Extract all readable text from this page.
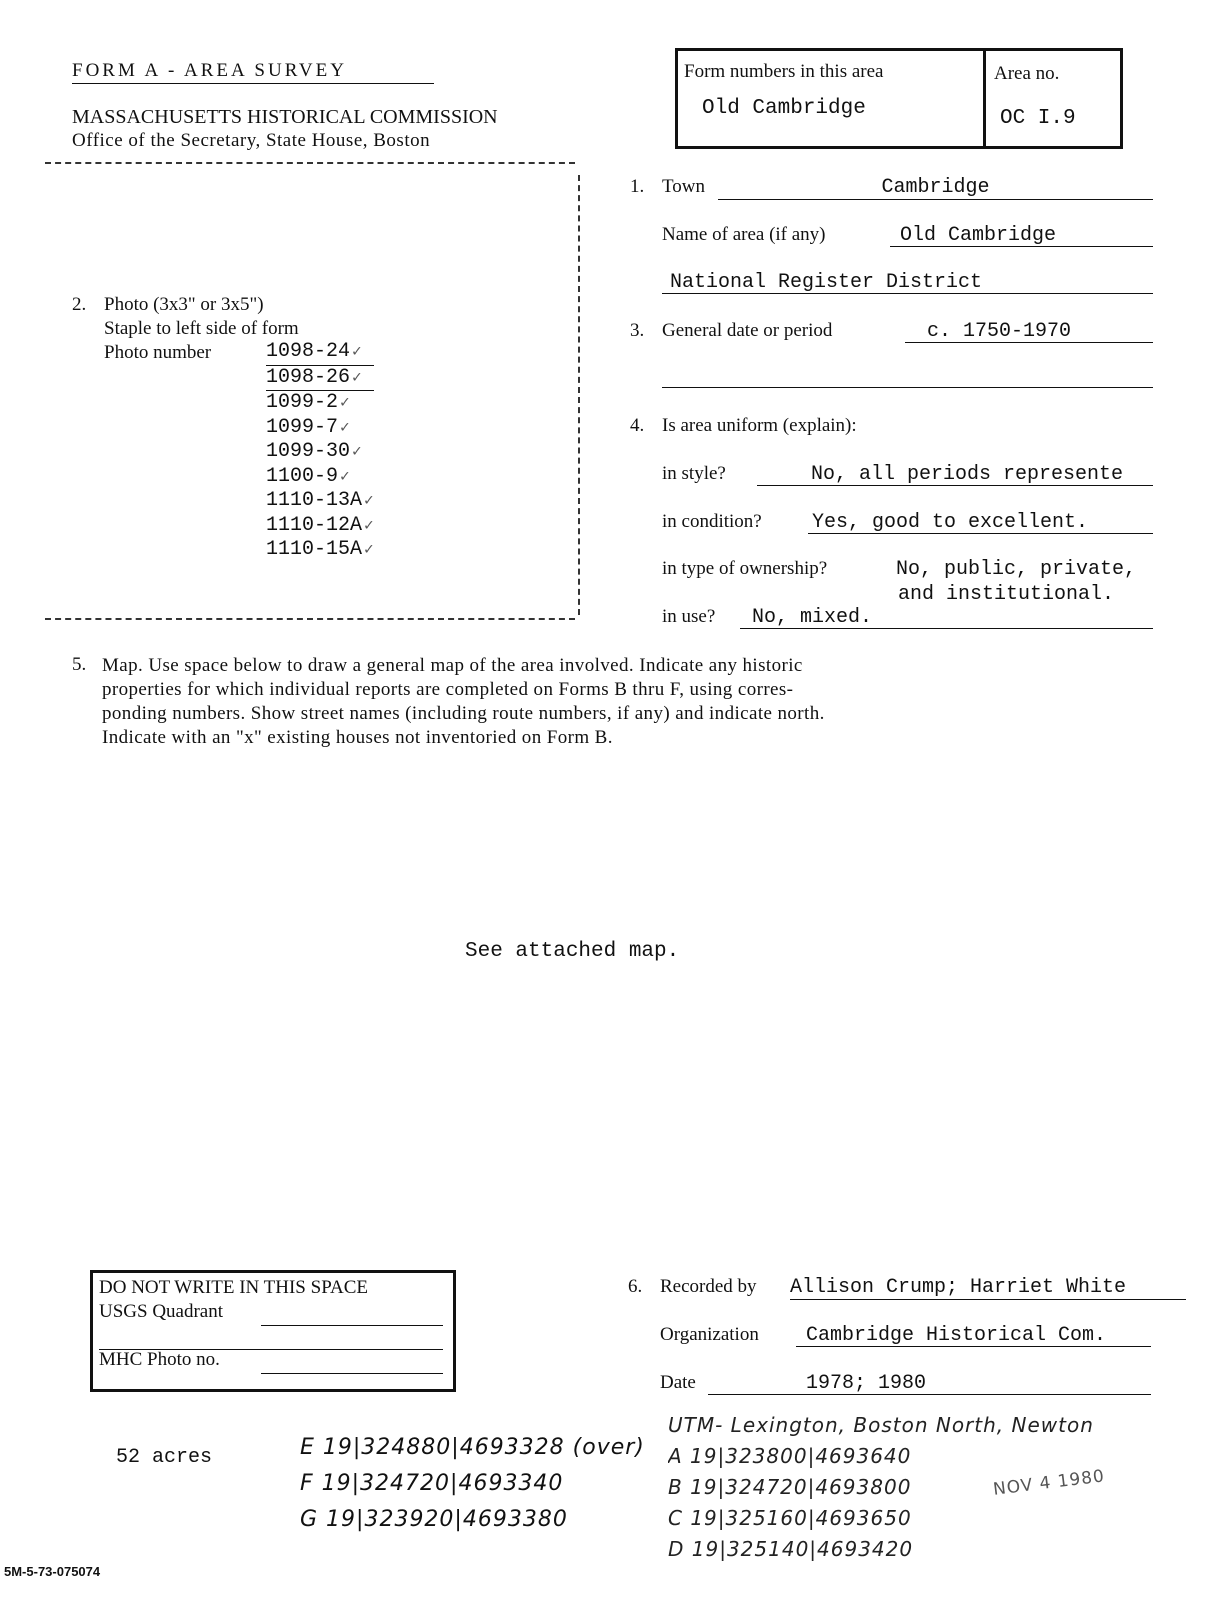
FORM A - AREA SURVEY
MASSACHUSETTS HISTORICAL COMMISSION
Office of the Secretary, State House, Boston
Form numbers in this area
Old Cambridge
Area no.
OC I.9
1. Town	Cambridge
Name of area (if any)	Old Cambridge
National Register District
2. Photo (3x3" or 3x5")
Staple to left side of form
Photo number	1098-24 ✓
1098-26 ✓
1099-2 ✓
1099-7 ✓
1099-30 ✓
1100-9 ✓
1110-13A ✓
1110-12A ✓
1110-15A ✓
3. General date or period	c. 1750-1970
4. Is area uniform (explain):
in style?	No, all periods represente
in condition?	Yes, good to excellent.
in type of ownership?	No, public, private,
and institutional.
in use?	No, mixed.
5. Map. Use space below to draw a general map of the area involved. Indicate any historic
properties for which individual reports are completed on Forms B thru F, using corres-
ponding numbers. Show street names (including route numbers, if any) and indicate north.
Indicate with an "x" existing houses not inventoried on Form B.
See attached map.
DO NOT WRITE IN THIS SPACE
USGS Quadrant
MHC Photo no.
6. Recorded by Allison Crump; Harriet White
Organization	Cambridge Historical Com.
Date	1978; 1980
52 acres	E 19|324880|4693328 (over)
F 19|324720|4693340
G 19|323920|4693380
UTM- Lexington, Boston North, Newton
A 19|323800|4693640
B 19|324720|4693800
C 19|325160|4693650
D 19|325140|4693420
NOV 4 1980
5M-5-73-075074
